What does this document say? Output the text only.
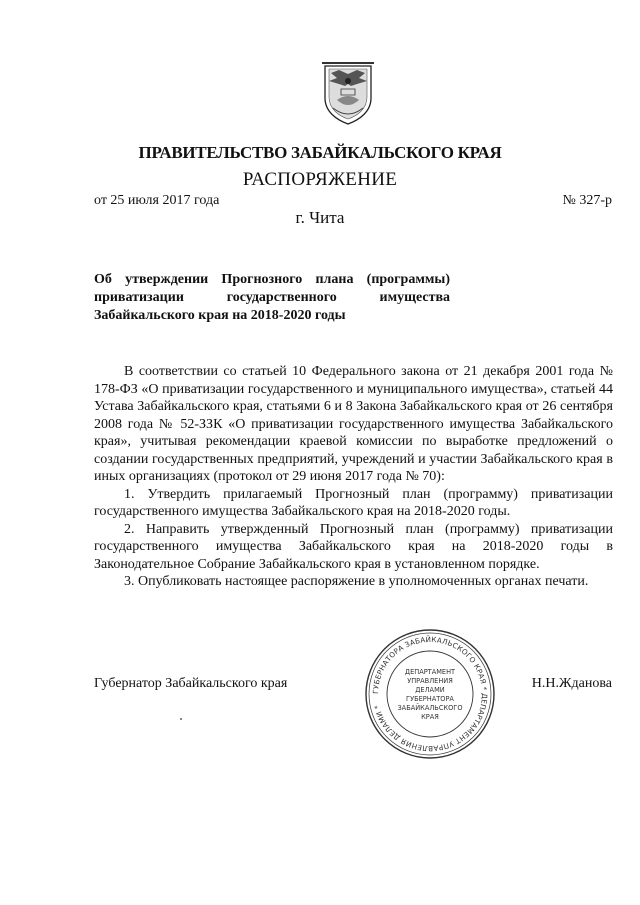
ПРАВИТЕЛЬСТВО ЗАБАЙКАЛЬСКОГО КРАЯ
РАСПОРЯЖЕНИЕ
от 25 июля 2017 года	№ 327-р
г. Чита
Об утверждении Прогнозного плана (программы)
приватизации государственного имущества
Забайкальского края на 2018-2020 годы

В соответствии со статьей 10 Федерального закона от 21 декабря 2001 года № 178-ФЗ «О приватизации государственного и муниципального имущества», статьей 44 Устава Забайкальского края, статьями 6 и 8 Закона Забайкальского края от 26 сентября 2008 года № 52-ЗЗК «О приватизации государственного имущества Забайкальского края», учитывая рекомендации краевой комиссии по выработке предложений о создании государственных предприятий, учреждений и участии Забайкальского края в иных организациях (протокол от 29 июня 2017 года № 70):

1. Утвердить прилагаемый Прогнозный план (программу) приватизации государственного имущества Забайкальского края на 2018-2020 годы.

2. Направить утвержденный Прогнозный план (программу) приватизации государственного имущества Забайкальского края на 2018-2020 годы в Законодательное Собрание Забайкальского края в установленном порядке.

3. Опубликовать настоящее распоряжение в уполномоченных органах печати.

Губернатор Забайкальского края	Н.Н.Жданова
ГУБЕРНАТОРА ЗАБАЙКАЛЬСКОГО КРАЯ * ДЕПАРТАМЕНТ УПРАВЛЕНИЯ ДЕЛАМИ *
ДЕПАРТАМЕНТ
УПРАВЛЕНИЯ
ДЕЛАМИ
ГУБЕРНАТОРА
ЗАБАЙКАЛЬСКОГО
КРАЯ
